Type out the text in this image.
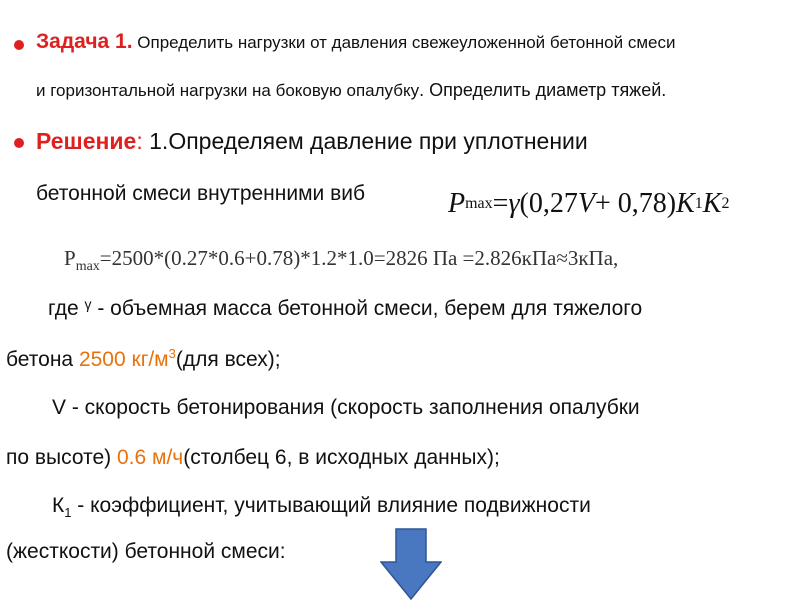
Задача 1. Определить нагрузки от давления свежеуложенной бетонной смеси
и горизонтальной нагрузки на боковую опалубку. Определить диаметр тяжей.
Решение: 1.Определяем давление при уплотнении
бетонной смеси внутренними виб	P max = γ (0,27 V + 0,78) K 1 K 2
$P_{max}=2500*(0.27*0.6+0.78)*1.2*1.0=2826$ Па =2.826кПа≈3кПа,
где $^\gamma$ - объемная масса бетонной смеси, берем для тяжелого
бетона 2500 $кг/м^3(для$ всех);
V - скорость бетонирования (скорость заполнения опалубки
по высоте) 0.6 м/ч(столбец 6, в исходных данных);
$К_1$ - коэффициент, учитывающий влияние подвижности
(жесткости) бетонной смеси:
